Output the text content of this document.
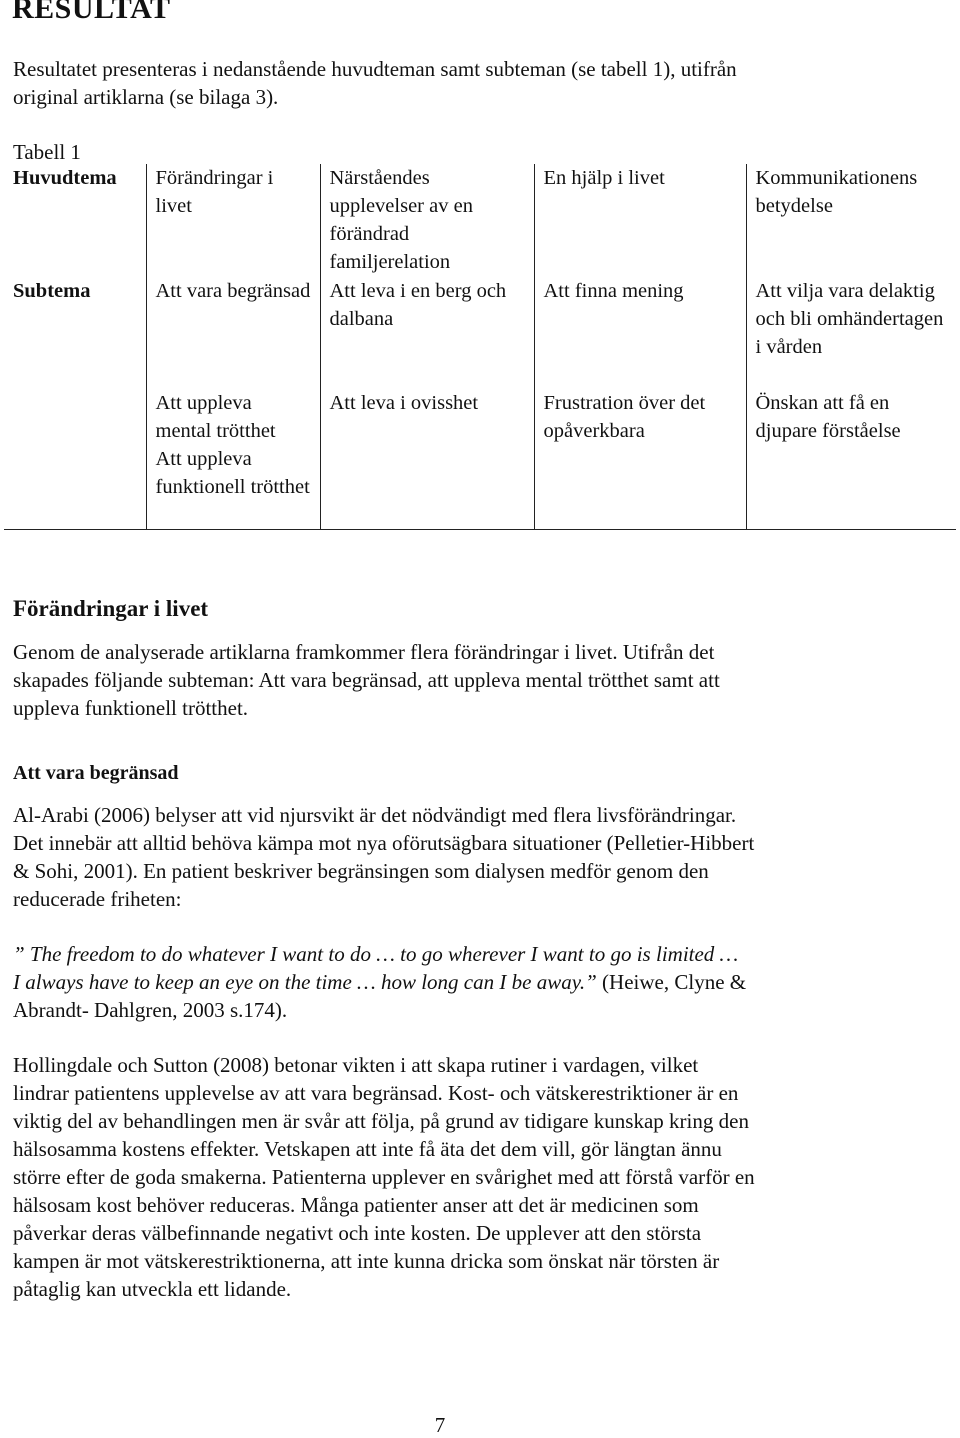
RESULTAT
Resultatet presenteras i nedanstående huvudteman samt subteman (se tabell 1), utifrån
original artiklarna (se bilaga 3).
Tabell 1
Huvudtema	Förändringar i livet	Närståendes upplevelser av en förändrad familjerelation	En hjälp i livet	Kommunikationens betydelse
Subtema	Att vara begränsad	Att leva i en berg och dalbana	Att finna mening	Att vilja vara delaktig och bli omhändertagen i vården
	Att uppleva mental trötthet	Att leva i ovisshet	Frustration över det opåverkbara	Önskan att få en djupare förståelse
	Att uppleva funktionell trötthet			
Förändringar i livet
Genom de analyserade artiklarna framkommer flera förändringar i livet. Utifrån det
skapades följande subteman: Att vara begränsad, att uppleva mental trötthet samt att
uppleva funktionell trötthet.
Att vara begränsad
Al-Arabi (2006) belyser att vid njursvikt är det nödvändigt med flera livsförändringar.
Det innebär att alltid behöva kämpa mot nya oförutsägbara situationer (Pelletier-Hibbert
& Sohi, 2001). En patient beskriver begränsingen som dialysen medför genom den
reducerade friheten:
” The freedom to do whatever I want to do … to go wherever I want to go is limited …
I always have to keep an eye on the time … how long can I be away.” (Heiwe, Clyne &
Abrandt- Dahlgren, 2003 s.174).
Hollingdale och Sutton (2008) betonar vikten i att skapa rutiner i vardagen, vilket
lindrar patientens upplevelse av att vara begränsad. Kost- och vätskerestriktioner är en
viktig del av behandlingen men är svår att följa, på grund av tidigare kunskap kring den
hälsosamma kostens effekter. Vetskapen att inte få äta det dem vill, gör längtan ännu
större efter de goda smakerna. Patienterna upplever en svårighet med att förstå varför en
hälsosam kost behöver reduceras. Många patienter anser att det är medicinen som
påverkar deras välbefinnande negativt och inte kosten. De upplever att den största
kampen är mot vätskerestriktionerna, att inte kunna dricka som önskat när törsten är
påtaglig kan utveckla ett lidande.
7
